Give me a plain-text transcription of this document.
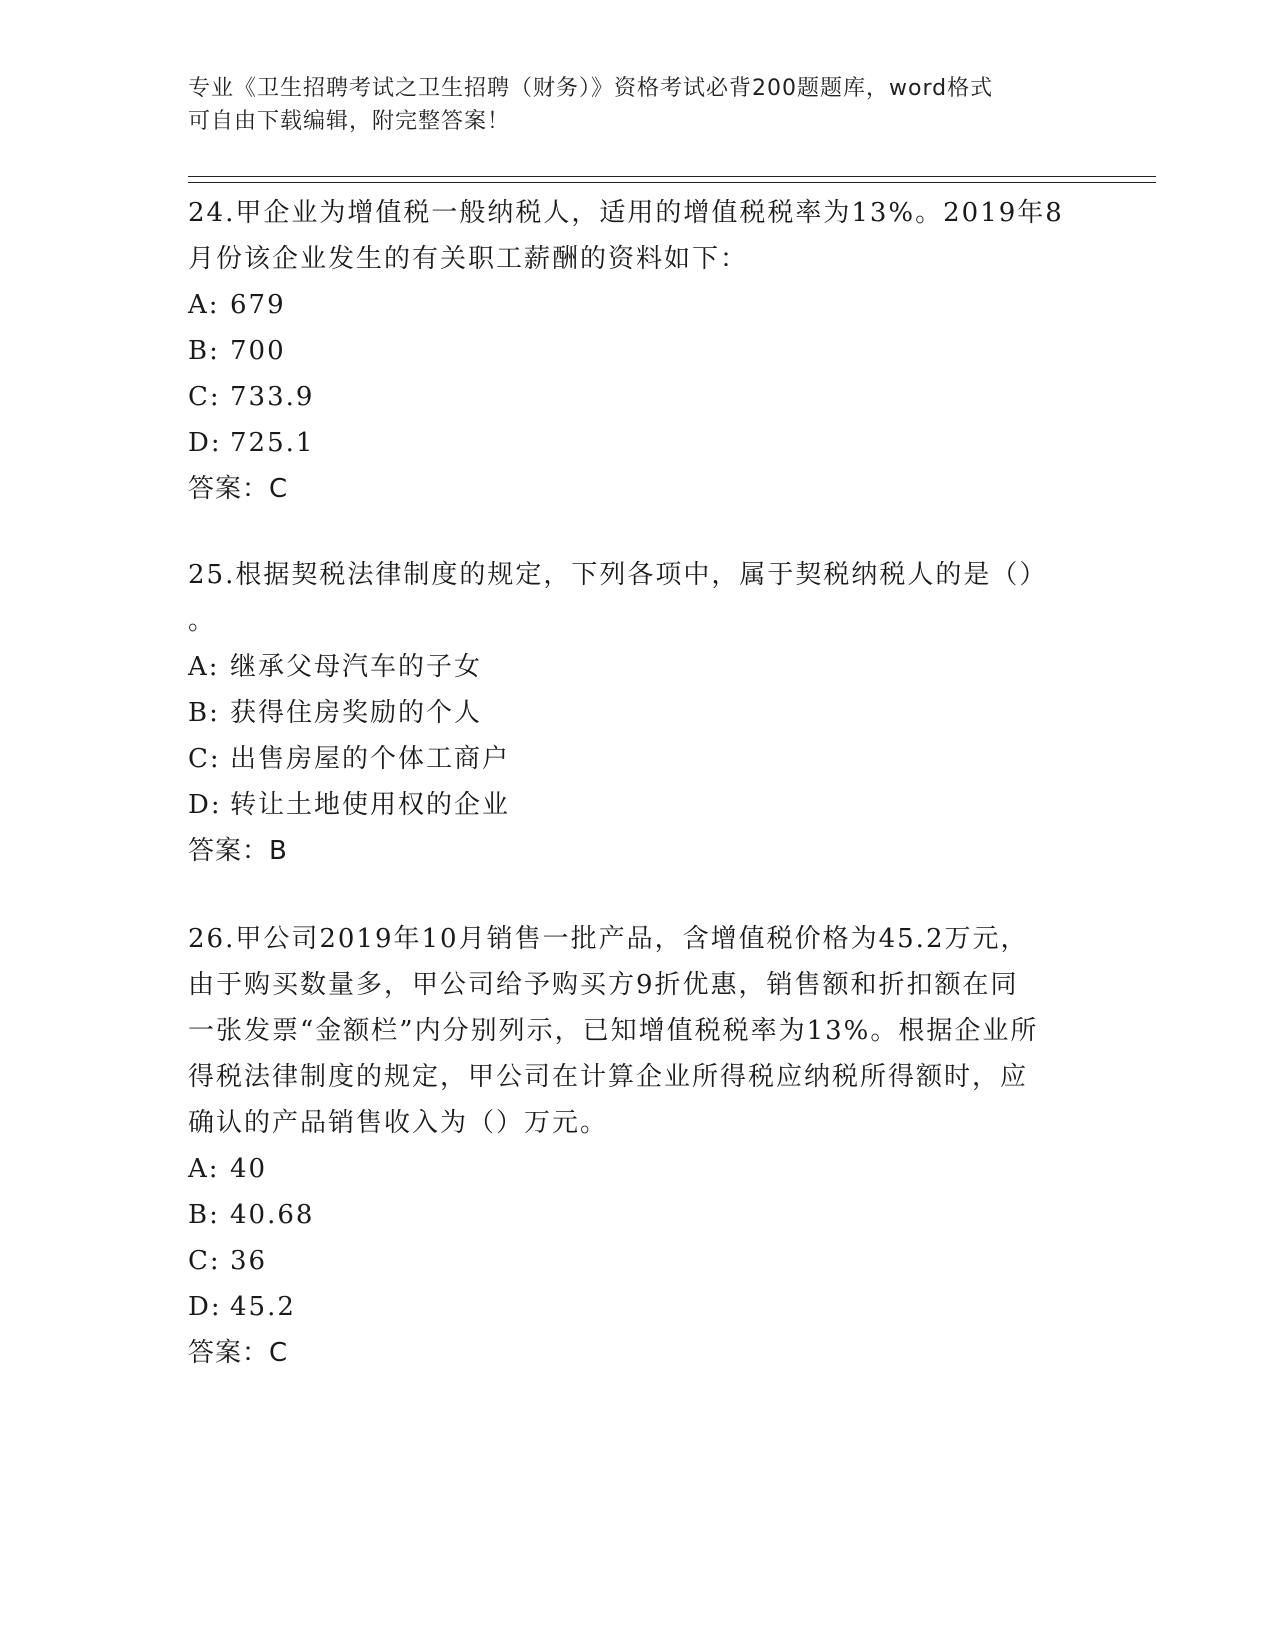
专业《卫生招聘考试之卫生招聘（财务）》资格考试必背200题题库，word格式
可自由下载编辑，附完整答案！
24.甲企业为增值税一般纳税人，适用的增值税税率为13%。2019年8
月份该企业发生的有关职工薪酬的资料如下：
A: 679
B: 700
C: 733.9
D: 725.1
答案：C
25.根据契税法律制度的规定，下列各项中，属于契税纳税人的是（）
。
A: 继承父母汽车的子女
B: 获得住房奖励的个人
C: 出售房屋的个体工商户
D: 转让土地使用权的企业
答案：B
26.甲公司2019年10月销售一批产品，含增值税价格为45.2万元，
由于购买数量多，甲公司给予购买方9折优惠，销售额和折扣额在同
一张发票“金额栏”内分别列示，已知增值税税率为13%。根据企业所
得税法律制度的规定，甲公司在计算企业所得税应纳税所得额时，应
确认的产品销售收入为（）万元。
A: 40
B: 40.68
C: 36
D: 45.2
答案：C
